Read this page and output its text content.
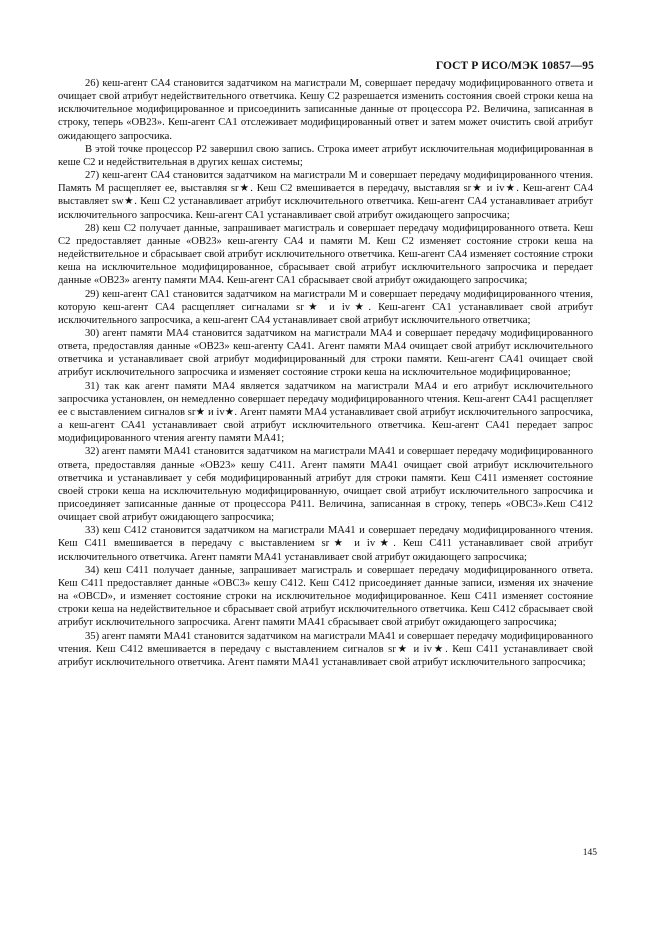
ГОСТ Р ИСО/МЭК 10857—95

26) кеш-агент СА4 становится задатчиком на магистрали М, совершает передачу модифицированного ответа и очищает свой атрибут недействительного ответчика. Кешу С2 разрешается изменить состояния своей строки кеша на исключительное модифицированное и присоединить записанные данные от процессора Р2. Величина, записанная в строку, теперь «OB23». Кеш-агент СА1 отслеживает модифицированный ответ и затем может очистить свой атрибут ожидающего запросчика.

В этой точке процессор Р2 завершил свою запись. Строка имеет атрибут исключительная модифицированная в кеше С2 и недействительная в других кешах системы;

27) кеш-агент СА4 становится задатчиком на магистрали М и совершает передачу модифицированного чтения. Память М расщепляет ее, выставляя sr★. Кеш С2 вмешивается в передачу, выставляя sr★ и iv★. Кеш-агент СА4 выставляет sw★. Кеш С2 устанавливает атрибут исключительного ответчика. Кеш-агент СА4 устанавливает атрибут исключительного запросчика. Кеш-агент СА1 устанавливает свой атрибут ожидающего запросчика;

28) кеш С2 получает данные, запрашивает магистраль и совершает передачу модифицированного ответа. Кеш С2 предоставляет данные «OB23» кеш-агенту СА4 и памяти М. Кеш С2 изменяет состояние строки кеша на недействительное и сбрасывает свой атрибут исключительного ответчика. Кеш-агент СА4 изменяет состояние строки кеша на исключительное модифицированное, сбрасывает свой атрибут исключительного запросчика и передает данные «OB23» агенту памяти МА4. Кеш-агент СА1 сбрасывает свой атрибут ожидающего запросчика;

29) кеш-агент СА1 становится задатчиком на магистрали М и совершает передачу модифицированного чтения, которую кеш-агент СА4 расщепляет сигналами sr★ и iv★. Кеш-агент СА1 устанавливает свой атрибут исключительного запросчика, а кеш-агент СА4 устанавливает свой атрибут исключительного ответчика;

30) агент памяти МА4 становится задатчиком на магистрали МА4 и совершает передачу модифицированного ответа, предоставляя данные «OB23» кеш-агенту СА41. Агент памяти МА4 очищает свой атрибут исключительного ответчика и устанавливает свой атрибут модифицированный для строки памяти. Кеш-агент СА41 очищает свой атрибут исключительного запросчика и изменяет состояние строки кеша на исключительное модифицированное;

31) так как агент памяти МА4 является задатчиком на магистрали МА4 и его атрибут исключительного запросчика установлен, он немедленно совершает передачу модифицированного чтения. Кеш-агент СА41 расщепляет ее с выставлением сигналов sr★ и iv★. Агент памяти МА4 устанавливает свой атрибут исключительного запросчика, а кеш-агент СА41 устанавливает свой атрибут исключительного ответчика. Кеш-агент СА41 передает запрос модифицированного чтения агенту памяти МА41;

32) агент памяти МА41 становится задатчиком на магистрали МА41 и совершает передачу модифицированного ответа, предоставляя данные «OB23» кешу С411. Агент памяти МА41 очищает свой атрибут исключительного ответчика и устанавливает у себя модифицированный атрибут для строки памяти. Кеш С411 изменяет состояние своей строки кеша на исключительную модифицированную, очищает свой атрибут исключительного запросчика и присоединяет записанные данные от процессора Р411. Величина, записанная в строку, теперь «OBC3».Кеш С412 очищает свой атрибут ожидающего запросчика;

33) кеш С412 становится задатчиком на магистрали МА41 и совершает передачу модифицированного чтения. Кеш С411 вмешивается в передачу с выставлением sr★ и iv★. Кеш С411 устанавливает свой атрибут исключительного ответчика. Агент памяти МА41 устанавливает свой атрибут ожидающего запросчика;

34) кеш С411 получает данные, запрашивает магистраль и совершает передачу модифицированного ответа. Кеш С411 предоставляет данные «OBC3» кешу С412. Кеш С412 присоединяет данные записи, изменяя их значение на «OBCD», и изменяет состояние строки на исключительное модифицированное. Кеш С411 изменяет состояние строки кеша на недействительное и сбрасывает свой атрибут исключительного ответчика. Кеш С412 сбрасывает свой атрибут исключительного запросчика. Агент памяти МА41 сбрасывает свой атрибут ожидающего запросчика;

35) агент памяти МА41 становится задатчиком на магистрали МА41 и совершает передачу модифицированного чтения. Кеш С412 вмешивается в передачу с выставлением сигналов sr★ и iv★. Кеш С411 устанавливает свой атрибут исключительного ответчика. Агент памяти МА41 устанавливает свой атрибут исключительного запросчика;

145
